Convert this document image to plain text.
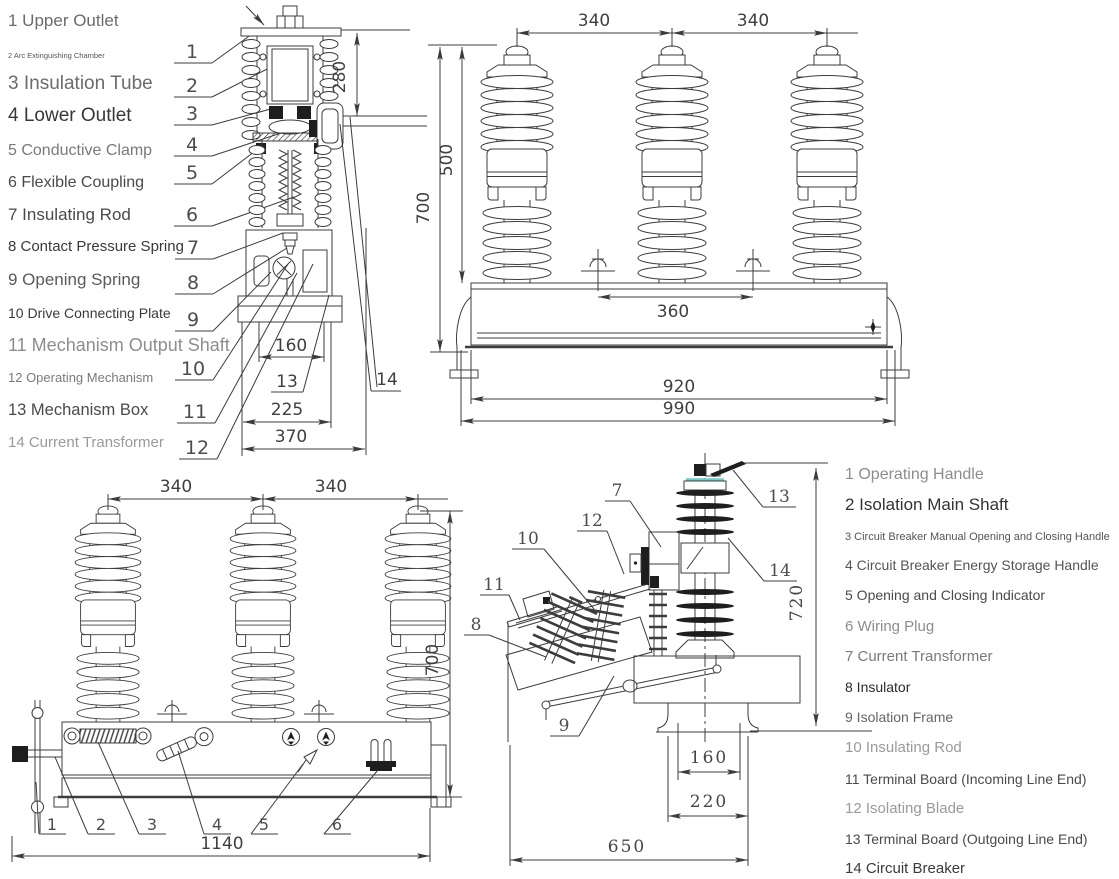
1 Upper Outlet
2 Arc Extinguishing Chamber
3 Insulation Tube
4 Lower Outlet
5 Conductive Clamp
6 Flexible Coupling
7 Insulating Rod
8 Contact Pressure Spring
9 Opening Spring
10 Drive Connecting Plate
11 Mechanism Output Shaft
12 Operating Mechanism
13 Mechanism Box
14 Current Transformer
1 Operating Handle
2 Isolation Main Shaft
3 Circuit Breaker Manual Opening and Closing Handle
4 Circuit Breaker Energy Storage Handle
5 Opening and Closing Indicator
6 Wiring Plug
7 Current Transformer
8 Insulator
9 Isolation Frame
10 Insulating Rod
11 Terminal Board (Incoming Line End)
12 Isolating Blade
13 Terminal Board (Outgoing Line End)
14 Circuit Breaker
1
2
3
4
5
6
7
8
9
10
11
12
280
160
13
225
370
14
340	340
500
700
360
920
990
1 2	3	4 5	6
340	340
700
1140
7
12
10
11
8
9
13
14
720
160
220
650
